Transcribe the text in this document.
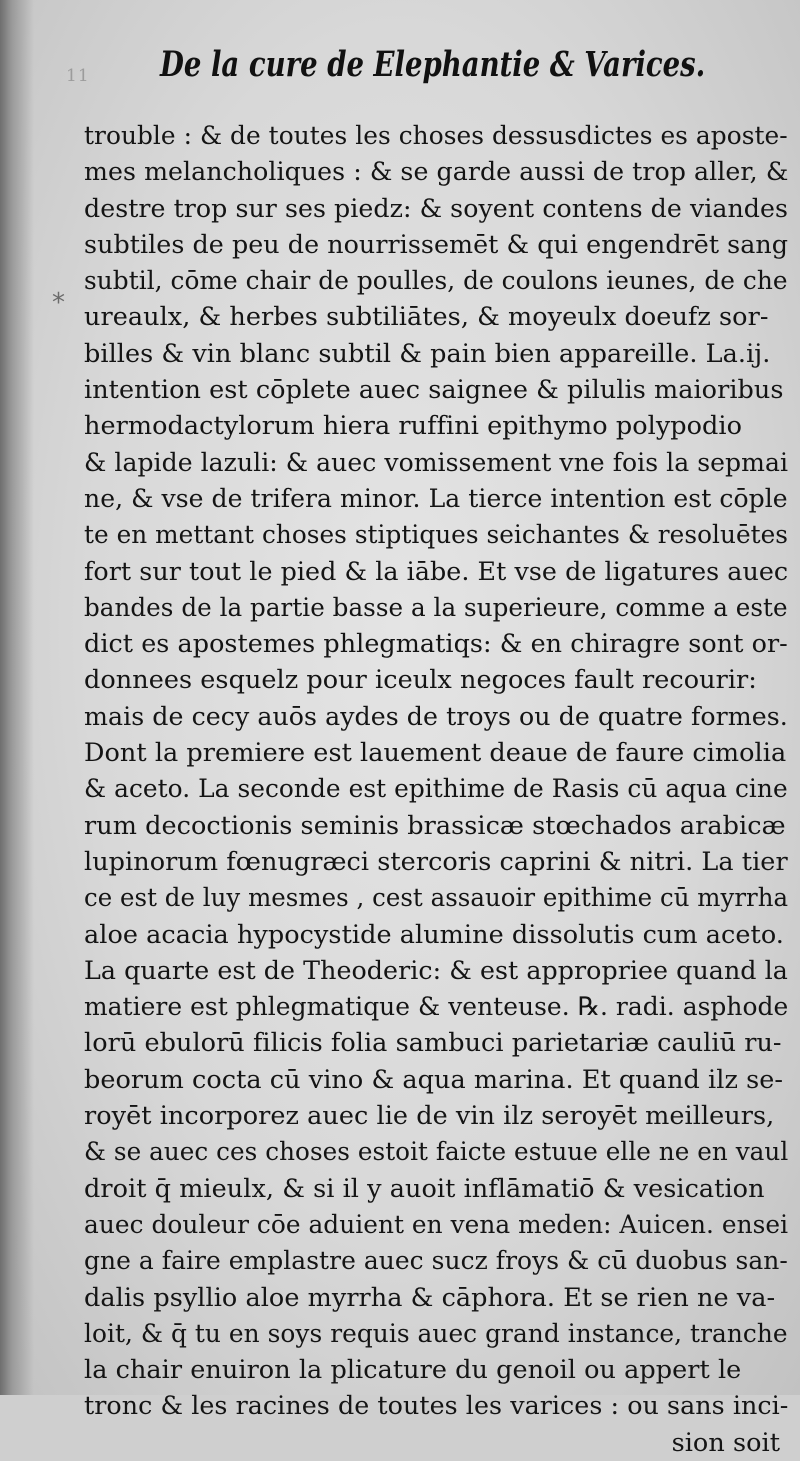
11 De la cure de Elephantie & Varices.
*
trouble : & de toutes les choses dessusdictes es aposte-
mes melancholiques : & se garde aussi de trop aller, &
destre trop sur ses piedz: & soyent contens de viandes
subtiles de peu de nourrissemēt & qui engendrēt sang
subtil, cōme chair de poulles, de coulons ieunes, de che
ureaulx, & herbes subtiliātes, & moyeulx doeufz sor-
billes & vin blanc subtil & pain bien appareille. La.ij.
intention est cōplete auec saignee & pilulis maioribus
hermodactylorum hiera ruffini epithymo polypodio
& lapide lazuli: & auec vomissement vne fois la sepmai
ne, & vse de trifera minor. La tierce intention est cōple
te en mettant choses stiptiques seichantes & resoluētes
fort sur tout le pied & la iābe. Et vse de ligatures auec
bandes de la partie basse a la superieure, comme a este
dict es apostemes phlegmatiqs: & en chiragre sont or-
donnees esquelz pour iceulx negoces fault recourir:
mais de cecy auōs aydes de troys ou de quatre formes.
Dont la premiere est lauement deaue de faure cimolia
& aceto. La seconde est epithime de Rasis cū aqua cine
rum decoctionis seminis brassicæ stœchados arabicæ
lupinorum fœnugræci stercoris caprini & nitri. La tier
ce est de luy mesmes , cest assauoir epithime cū myrrha
aloe acacia hypocystide alumine dissolutis cum aceto.
La quarte est de Theoderic: & est appropriee quand la
matiere est phlegmatique & venteuse. ℞. radi. asphode
lorū ebulorū filicis folia sambuci parietariæ cauliū ru-
beorum cocta cū vino & aqua marina. Et quand ilz se-
royēt incorporez auec lie de vin ilz seroyēt meilleurs,
& se auec ces choses estoit faicte estuue elle ne en vaul
droit q̄ mieulx, & si il y auoit inflāmatiō & vesication
auec douleur cōe aduient en vena meden: Auicen. ensei
gne a faire emplastre auec sucz froys & cū duobus san-
dalis psyllio aloe myrrha & cāphora. Et se rien ne va-
loit, & q̄ tu en soys requis auec grand instance, tranche
la chair enuiron la plicature du genoil ou appert le
tronc & les racines de toutes les varices : ou sans inci-
sion soit
